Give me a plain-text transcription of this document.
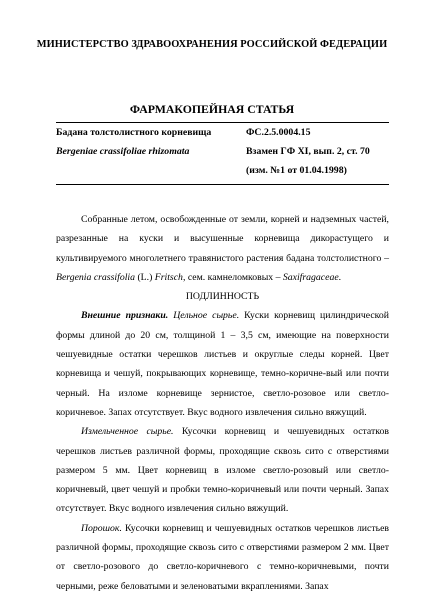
МИНИСТЕРСТВО ЗДРАВООХРАНЕНИЯ РОССИЙСКОЙ ФЕДЕРАЦИИ
ФАРМАКОПЕЙНАЯ СТАТЬЯ
Бадана толстолистного корневища
Bergeniae crassifoliae rhizomata
ФС.2.5.0004.15
Взамен ГФ XI, вып. 2, ст. 70
(изм. №1 от 01.04.1998)

Собранные летом, освобожденные от земли, корней и надземных частей, разрезанные на куски и высушенные корневища дикорастущего и культивируемого многолетнего травянистого растения бадана толстолистного – Bergenia crassifolia (L.) Fritsch, сем. камнеломковых – Saxifragaceae.

ПОДЛИННОСТЬ

Внешние признаки. Цельное сырье. Куски корневищ цилиндрической формы длиной до 20 см, толщиной 1 – 3,5 см, имеющие на поверхности чешуевидные остатки черешков листьев и округлые следы корней. Цвет корневища и чешуй, покрывающих корневище, темно-коричне-вый или почти черный. На изломе корневище зернистое, светло-розовое или светло-коричневое. Запах отсутствует. Вкус водного извлечения сильно вяжущий.

Измельченное сырье. Кусочки корневищ и чешуевидных остатков черешков листьев различной формы, проходящие сквозь сито с отверстиями размером 5 мм. Цвет корневищ в изломе светло-розовый или светло-коричневый, цвет чешуй и пробки темно-коричневый или почти черный. Запах отсутствует. Вкус водного извлечения сильно вяжущий.

Порошок. Кусочки корневищ и чешуевидных остатков черешков листьев различной формы, проходящие сквозь сито с отверстиями размером 2 мм. Цвет от светло-розового до светло-коричневого с темно-коричневыми, почти черными, реже беловатыми и зеленоватыми вкраплениями. Запах
